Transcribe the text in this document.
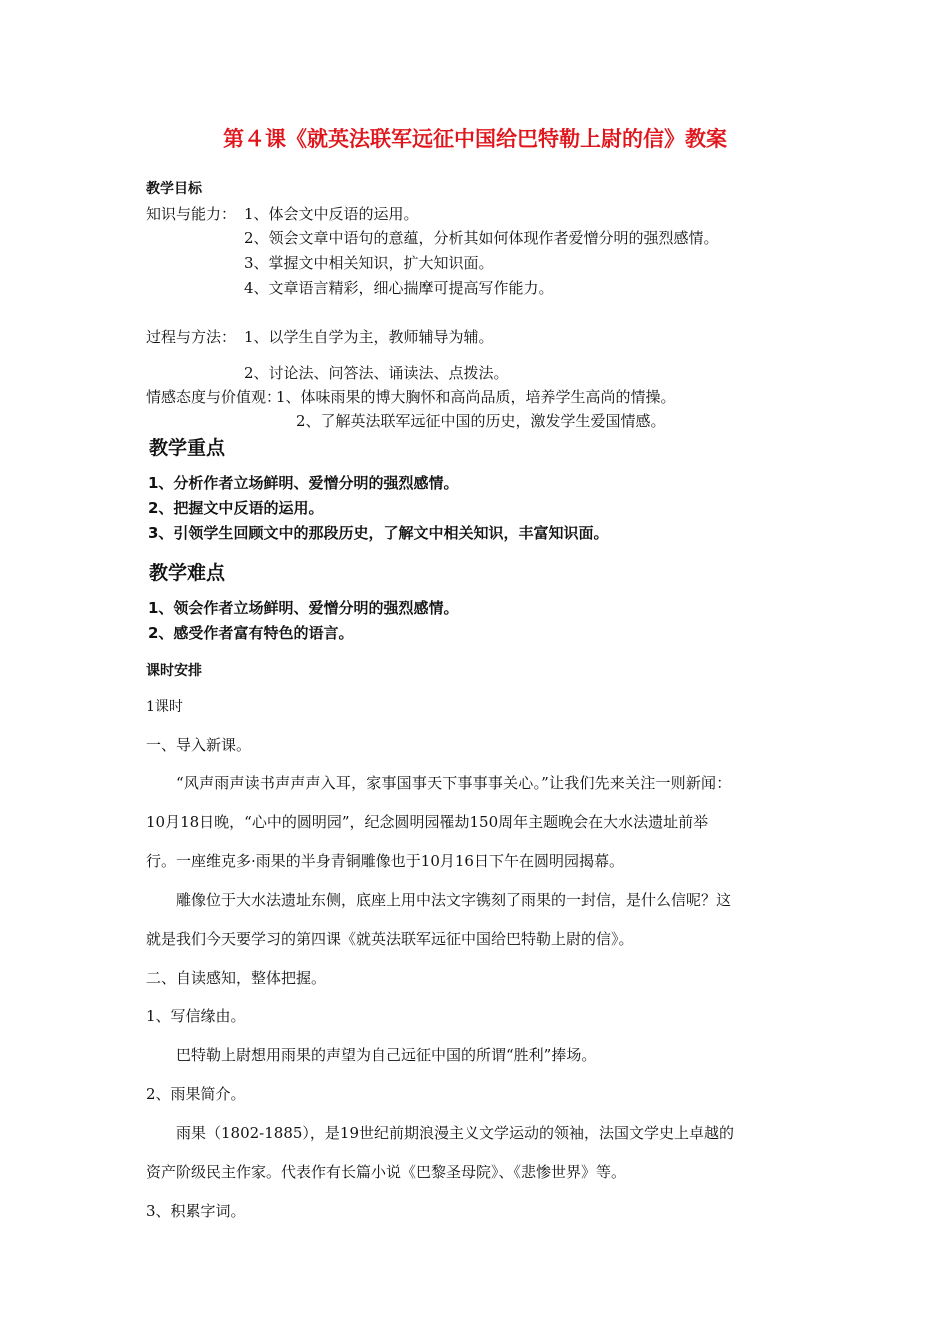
第４课《就英法联军远征中国给巴特勒上尉的信》教案
教学目标
知识与能力： 1、体会文中反语的运用。
2、领会文章中语句的意蕴，分析其如何体现作者爱憎分明的强烈感情。
3、掌握文中相关知识，扩大知识面。
4、文章语言精彩，细心揣摩可提高写作能力。
过程与方法： 1、以学生自学为主，教师辅导为辅。
2、讨论法、问答法、诵读法、点拨法。
情感态度与价值观：
1、体味雨果的博大胸怀和高尚品质，培养学生高尚的情操。
2、了解英法联军远征中国的历史，激发学生爱国情感。
教学重点
1、分析作者立场鲜明、爱憎分明的强烈感情。
2、把握文中反语的运用。
3、引领学生回顾文中的那段历史，了解文中相关知识，丰富知识面。
教学难点
1、领会作者立场鲜明、爱憎分明的强烈感情。
2、感受作者富有特色的语言。
课时安排
1课时
一、导入新课。
“风声雨声读书声声声入耳，家事国事天下事事事关心。”让我们先来关注一则新闻：
10月18日晚，“心中的圆明园”，纪念圆明园罹劫150周年主题晚会在大水法遗址前举
行。一座维克多·雨果的半身青铜雕像也于10月16日下午在圆明园揭幕。
雕像位于大水法遗址东侧，底座上用中法文字镌刻了雨果的一封信，是什么信呢？这
就是我们今天要学习的第四课《就英法联军远征中国给巴特勒上尉的信》。
二、自读感知，整体把握。
1、写信缘由。
巴特勒上尉想用雨果的声望为自己远征中国的所谓“胜利”捧场。
2、雨果简介。
雨果（1802-1885），是19世纪前期浪漫主义文学运动的领袖，法国文学史上卓越的
资产阶级民主作家。代表作有长篇小说《巴黎圣母院》、《悲惨世界》等。
3、积累字词。
